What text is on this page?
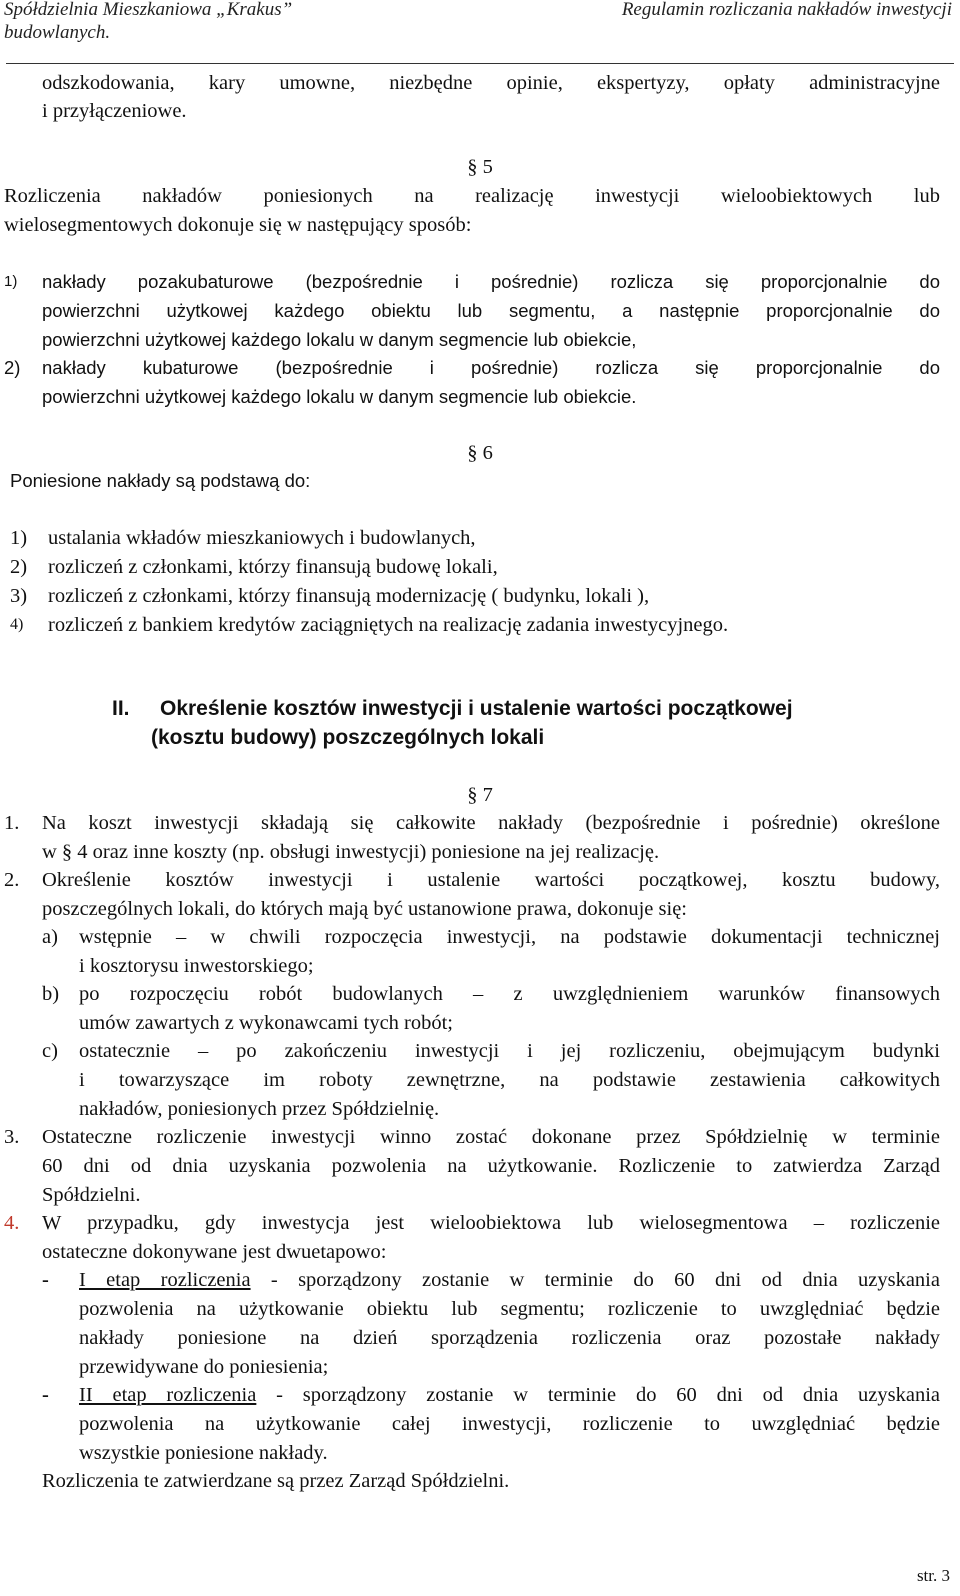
Spółdzielnia Mieszkaniowa „Krakus”
budowlanych.
Regulamin rozliczania nakładów inwestycji
odszkodowania, kary umowne, niezbędne opinie, ekspertyzy, opłaty administracyjne
i przyłączeniowe.
§ 5
Rozliczenia nakładów poniesionych na realizację inwestycji wieloobiektowych lub
wielosegmentowych dokonuje się w następujący sposób:
1) nakłady pozakubaturowe (bezpośrednie i pośrednie) rozlicza się proporcjonalnie do
powierzchni użytkowej każdego obiektu lub segmentu, a następnie proporcjonalnie do
powierzchni użytkowej każdego lokalu w danym segmencie lub obiekcie,
2) nakłady kubaturowe (bezpośrednie i pośrednie) rozlicza się proporcjonalnie do
powierzchni użytkowej każdego lokalu w danym segmencie lub obiekcie.
§ 6
Poniesione nakłady są podstawą do:
1) ustalania wkładów mieszkaniowych i budowlanych,
2) rozliczeń z członkami, którzy finansują budowę lokali,
3) rozliczeń z członkami, którzy finansują modernizację ( budynku, lokali ),
4) rozliczeń z bankiem kredytów zaciągniętych na realizację zadania inwestycyjnego.
II. Określenie kosztów inwestycji i ustalenie wartości początkowej
(kosztu budowy) poszczególnych lokali
§ 7
1. Na koszt inwestycji składają się całkowite nakłady (bezpośrednie i pośrednie) określone
w § 4 oraz inne koszty (np. obsługi inwestycji) poniesione na jej realizację.
2. Określenie kosztów inwestycji i ustalenie wartości początkowej, kosztu budowy,
poszczególnych lokali, do których mają być ustanowione prawa, dokonuje się:
a) wstępnie – w chwili rozpoczęcia inwestycji, na podstawie dokumentacji technicznej
i kosztorysu inwestorskiego;
b) po rozpoczęciu robót budowlanych – z uwzględnieniem warunków finansowych
umów zawartych z wykonawcami tych robót;
c) ostatecznie – po zakończeniu inwestycji i jej rozliczeniu, obejmującym budynki
i towarzyszące im roboty zewnętrzne, na podstawie zestawienia całkowitych
nakładów, poniesionych przez Spółdzielnię.
3. Ostateczne rozliczenie inwestycji winno zostać dokonane przez Spółdzielnię w terminie
60 dni od dnia uzyskania pozwolenia na użytkowanie. Rozliczenie to zatwierdza Zarząd
Spółdzielni.
4. W przypadku, gdy inwestycja jest wieloobiektowa lub wielosegmentowa – rozliczenie
ostateczne dokonywane jest dwuetapowo:
- I etap rozliczenia - sporządzony zostanie w terminie do 60 dni od dnia uzyskania
pozwolenia na użytkowanie obiektu lub segmentu; rozliczenie to uwzględniać będzie
nakłady poniesione na dzień sporządzenia rozliczenia oraz pozostałe nakłady
przewidywane do poniesienia;
- II etap rozliczenia - sporządzony zostanie w terminie do 60 dni od dnia uzyskania
pozwolenia na użytkowanie całej inwestycji, rozliczenie to uwzględniać będzie
wszystkie poniesione nakłady.
Rozliczenia te zatwierdzane są przez Zarząd Spółdzielni.
str. 3
